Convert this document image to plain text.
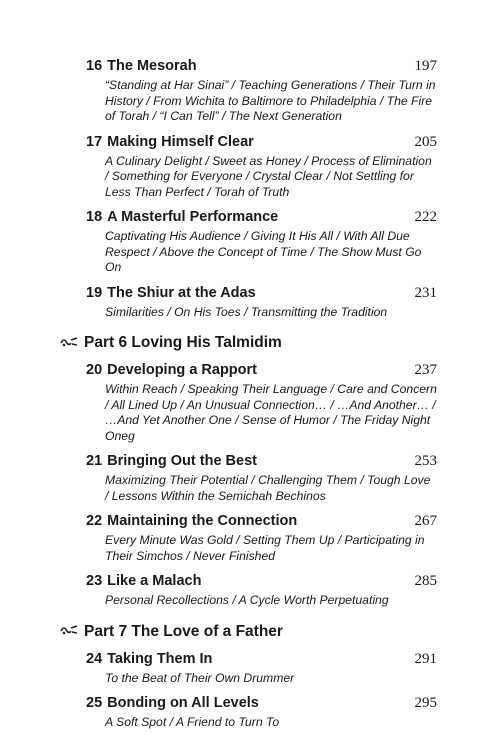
16 The Mesorah	197
“Standing at Har Sinai” / Teaching Generations / Their Turn in History / From Wichita to Baltimore to Philadelphia / The Fire of Torah / “I Can Tell” / The Next Generation
17 Making Himself Clear	205
A Culinary Delight / Sweet as Honey / Process of Elimination / Something for Everyone / Crystal Clear / Not Settling for Less Than Perfect / Torah of Truth
18 A Masterful Performance	222
Captivating His Audience / Giving It His All / With All Due Respect / Above the Concept of Time / The Show Must Go On
19 The Shiur at the Adas	231
Similarities / On His Toes / Transmitting the Tradition
Part 6 Loving His Talmidim
20 Developing a Rapport	237
Within Reach / Speaking Their Language / Care and Concern / All Lined Up / An Unusual Connection… / …And Another… / …And Yet Another One / Sense of Humor / The Friday Night Oneg
21 Bringing Out the Best	253
Maximizing Their Potential / Challenging Them / Tough Love / Lessons Within the Semichah Bechinos
22 Maintaining the Connection	267
Every Minute Was Gold / Setting Them Up / Participating in Their Simchos / Never Finished
23 Like a Malach	285
Personal Recollections / A Cycle Worth Perpetuating
Part 7 The Love of a Father
24 Taking Them In	291
To the Beat of Their Own Drummer
25 Bonding on All Levels	295
A Soft Spot / A Friend to Turn To
